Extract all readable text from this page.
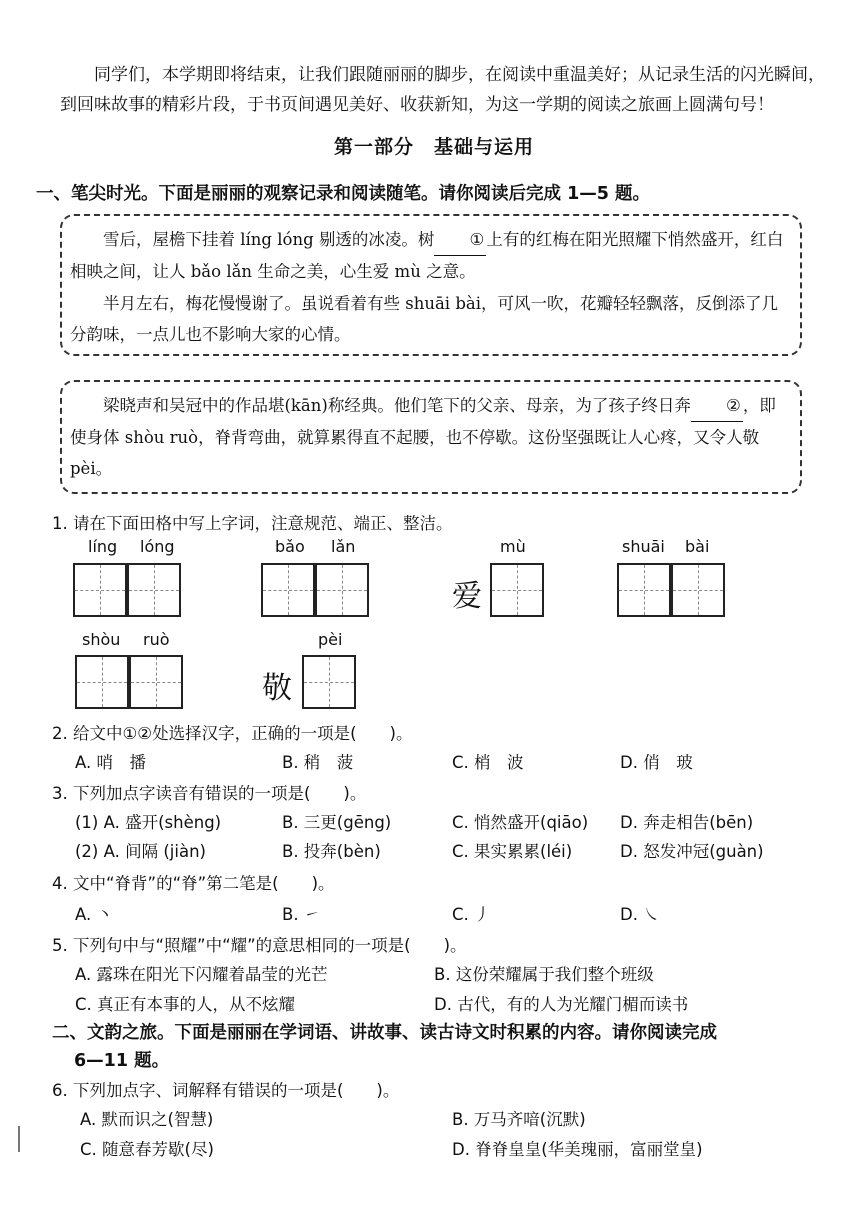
同学们，本学期即将结束，让我们跟随丽丽的脚步，在阅读中重温美好；从记录生活的闪光瞬间，到回味故事的精彩片段，于书页间遇见美好、收获新知，为这一学期的阅读之旅画上圆满句号！
第一部分　基础与运用
一、笔尖时光。下面是丽丽的观察记录和阅读随笔。请你阅读后完成 1—5 题。
雪后，屋檐下挂着 líng lóng 剔透的冰凌。树 ① 上有的红梅在阳光照耀下悄然盛开，红白相映之间，让人 bǎo lǎn 生命之美，心生爱 mù 之意。
半月左右，梅花慢慢谢了。虽说看着有些 shuāi bài，可风一吹，花瓣轻轻飘落，反倒添了几分韵味，一点儿也不影响大家的心情。
梁晓声和吴冠中的作品堪(kān)称经典。他们笔下的父亲、母亲，为了孩子终日奔 ② ，即使身体 shòu ruò，脊背弯曲，就算累得直不起腰，也不停歇。这份坚强既让人心疼，又令人敬 pèi。
1. 请在下面田格中写上字词，注意规范、端正、整洁。
líng lóng	bǎo lǎn	mù
爱
shuāi bài
shòu ruò	pèi
敬
2. 给文中①②处选择汉字，正确的一项是(　　)。
A. 哨　播	B. 稍　菠	C. 梢　波	D. 俏　玻
3. 下列加点字读音有错误的一项是(　　)。
(1) A. 盛开(shèng)	B. 三更(gēng)	C. 悄然盛开(qiāo) D. 奔走相告(bēn)
(2) A. 间隔 (jiàn)	B. 投奔(bèn)	C. 果实累累(léi)	D. 怒发冲冠(guàn)
4. 文中“脊背”的“脊”第二笔是(　　)。
A. 丶	B. ㇀	C. 丿	D. ㇏
5. 下列句中与“照耀”中“耀”的意思相同的一项是(　　)。
A. 露珠在阳光下闪耀着晶莹的光芒	B. 这份荣耀属于我们整个班级
C. 真正有本事的人，从不炫耀	D. 古代，有的人为光耀门楣而读书
二、文韵之旅。下面是丽丽在学词语、讲故事、读古诗文时积累的内容。请你阅读完成
6—11 题。
6. 下列加点字、词解释有错误的一项是(　　)。
A. 默而识之(智慧)	B. 万马齐喑(沉默)
C. 随意春芳歇(尽)	D. 脊脊皇皇(华美瑰丽，富丽堂皇)
